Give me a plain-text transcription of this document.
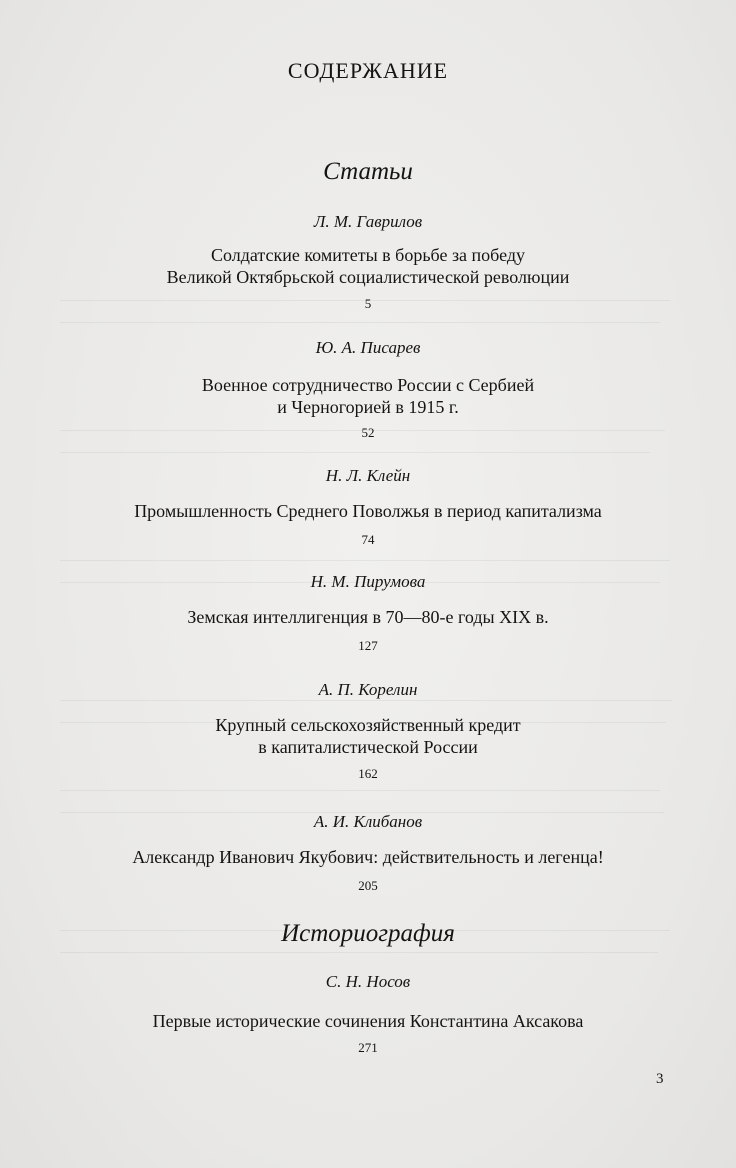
СОДЕРЖАНИЕ
Статьи
Л. М. Гаврилов
Солдатские комитеты в борьбе за победу
Великой Октябрьской социалистической революции
5
Ю. А. Писарев
Военное сотрудничество России с Сербией
и Черногорией в 1915 г.
52
Н. Л. Клейн
Промышленность Среднего Поволжья в период капитализма
74
Н. М. Пирумова
Земская интеллигенция в 70—80-е годы XIX в.
127
А. П. Корелин
Крупный сельскохозяйственный кредит
в капиталистической России
162
А. И. Клибанов
Александр Иванович Якубович: действительность и легенца!
205
Историография
С. Н. Носов
Первые исторические сочинения Константина Аксакова
271
3
